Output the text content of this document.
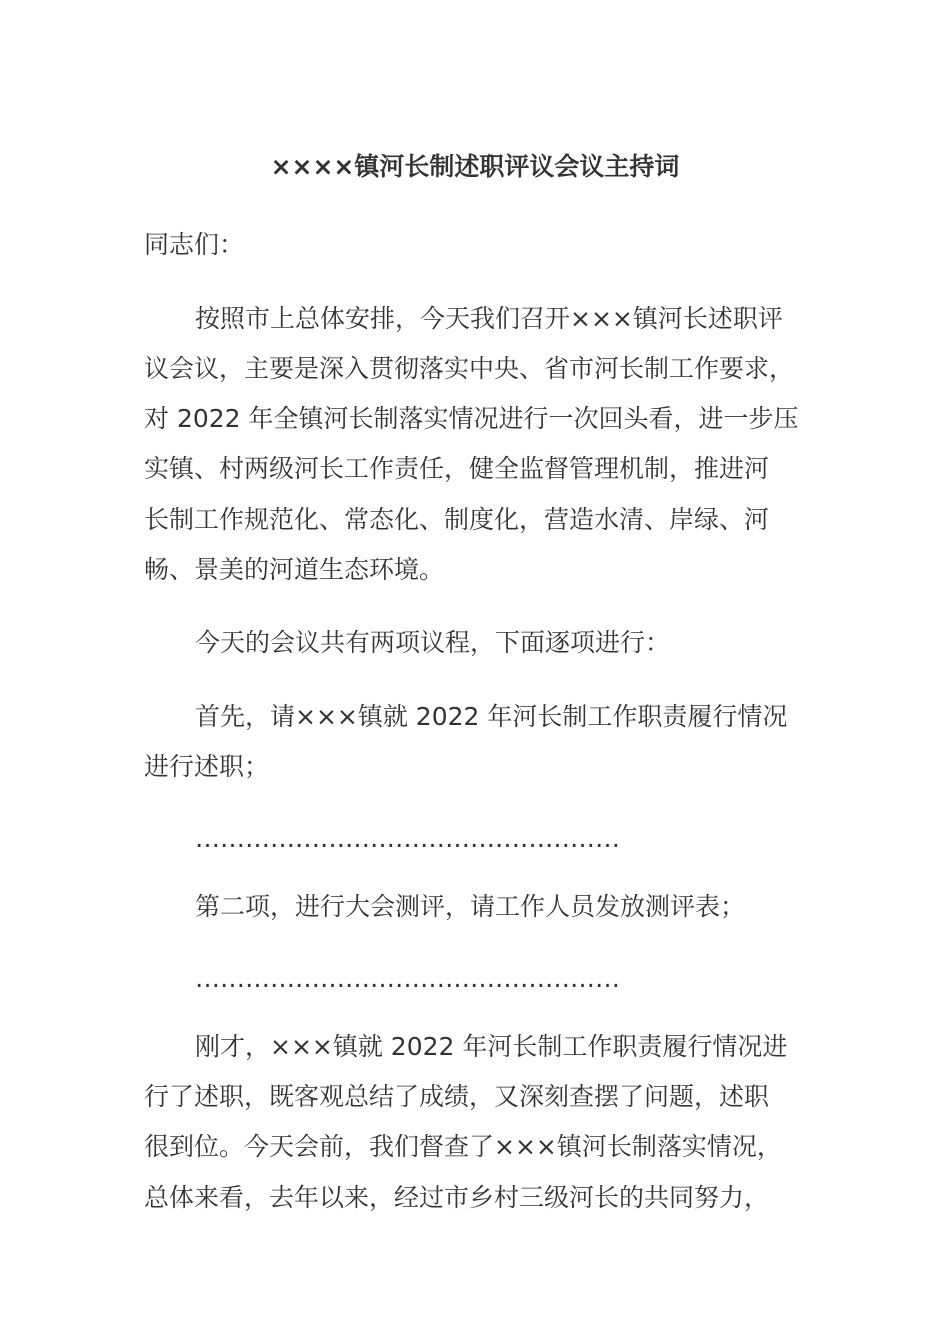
××××镇河长制述职评议会议主持词
同志们：
按照市上总体安排，今天我们召开×××镇河长述职评
议会议，主要是深入贯彻落实中央、省市河长制工作要求，
对 2022 年全镇河长制落实情况进行一次回头看，进一步压
实镇、村两级河长工作责任，健全监督管理机制，推进河
长制工作规范化、常态化、制度化，营造水清、岸绿、河
畅、景美的河道生态环境。
今天的会议共有两项议程，下面逐项进行：
首先，请×××镇就 2022 年河长制工作职责履行情况
进行述职；
……………………………………………
第二项，进行大会测评，请工作人员发放测评表；
……………………………………………
刚才，×××镇就 2022 年河长制工作职责履行情况进
行了述职，既客观总结了成绩，又深刻查摆了问题，述职
很到位。今天会前，我们督查了×××镇河长制落实情况，
总体来看，去年以来，经过市乡村三级河长的共同努力，
